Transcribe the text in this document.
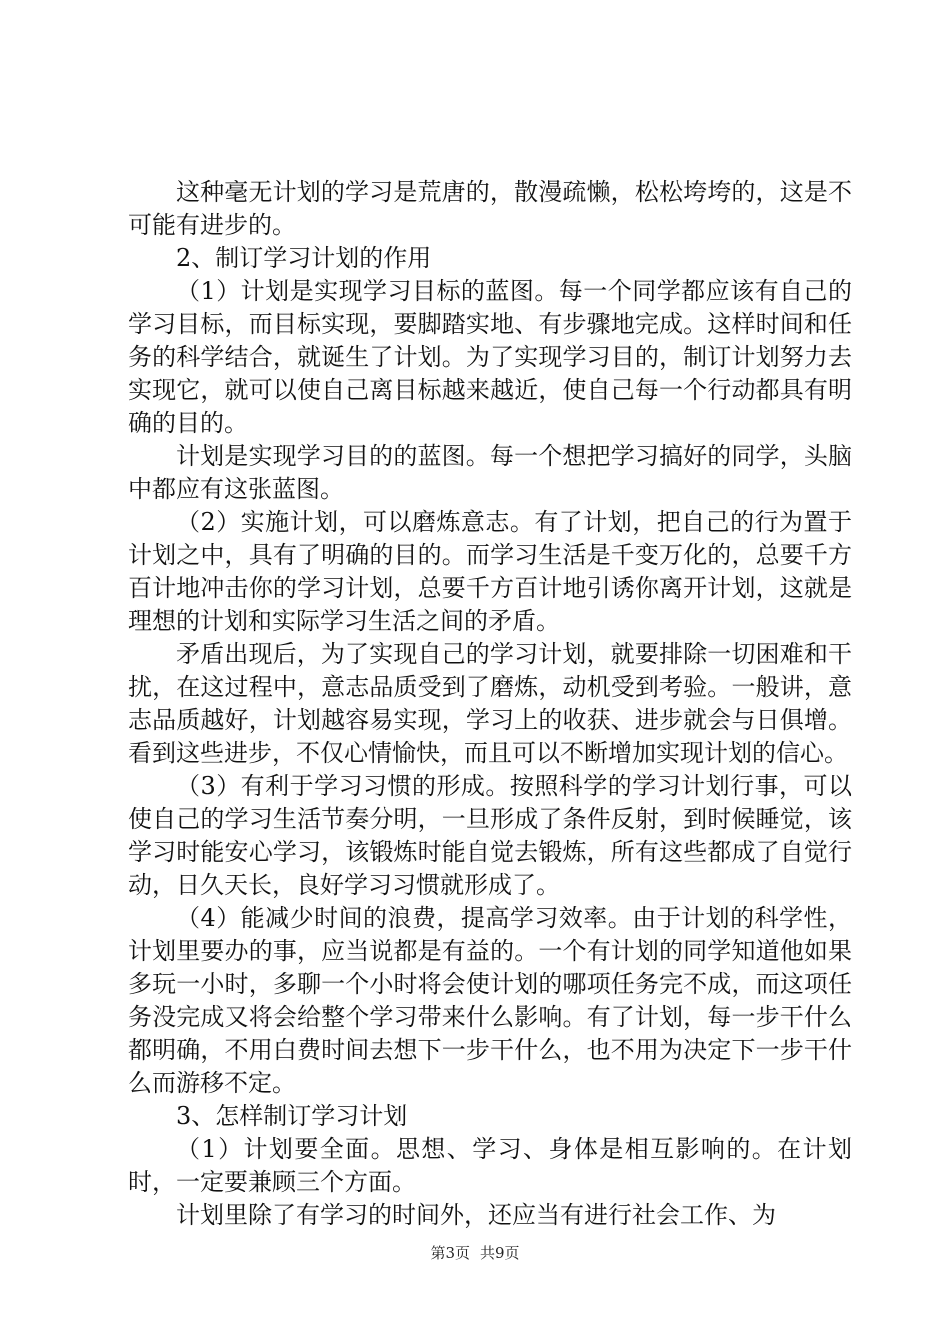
这种毫无计划的学习是荒唐的，散漫疏懒，松松垮垮的，这是不可能有进步的。

2、制订学习计划的作用

（1）计划是实现学习目标的蓝图。每一个同学都应该有自己的学习目标，而目标实现，要脚踏实地、有步骤地完成。这样时间和任务的科学结合，就诞生了计划。为了实现学习目的，制订计划努力去实现它，就可以使自己离目标越来越近，使自己每一个行动都具有明确的目的。

计划是实现学习目的的蓝图。每一个想把学习搞好的同学，头脑中都应有这张蓝图。

（2）实施计划，可以磨炼意志。有了计划，把自己的行为置于计划之中，具有了明确的目的。而学习生活是千变万化的，总要千方百计地冲击你的学习计划，总要千方百计地引诱你离开计划，这就是理想的计划和实际学习生活之间的矛盾。

矛盾出现后，为了实现自己的学习计划，就要排除一切困难和干扰，在这过程中，意志品质受到了磨炼，动机受到考验。一般讲，意志品质越好，计划越容易实现，学习上的收获、进步就会与日俱增。看到这些进步，不仅心情愉快，而且可以不断增加实现计划的信心。

（3）有利于学习习惯的形成。按照科学的学习计划行事，可以使自己的学习生活节奏分明，一旦形成了条件反射，到时候睡觉，该学习时能安心学习，该锻炼时能自觉去锻炼，所有这些都成了自觉行动，日久天长，良好学习习惯就形成了。

（4）能减少时间的浪费，提高学习效率。由于计划的科学性，计划里要办的事，应当说都是有益的。一个有计划的同学知道他如果多玩一小时，多聊一个小时将会使计划的哪项任务完不成，而这项任务没完成又将会给整个学习带来什么影响。有了计划，每一步干什么都明确，不用白费时间去想下一步干什么，也不用为决定下一步干什么而游移不定。

3、怎样制订学习计划

（1）计划要全面。思想、学习、身体是相互影响的。在计划时，一定要兼顾三个方面。

计划里除了有学习的时间外，还应当有进行社会工作、为

第3页 共9页
